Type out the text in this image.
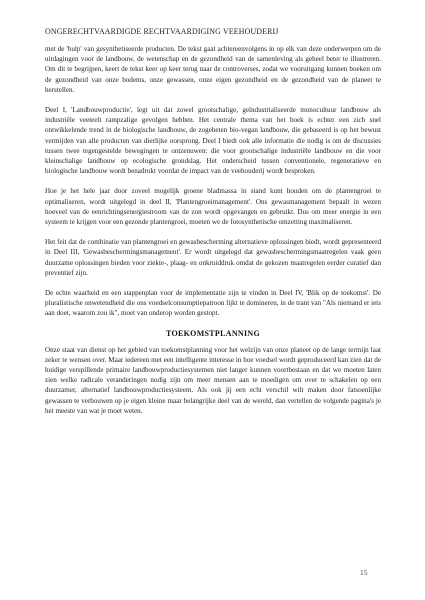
ONGERECHTVAARDIGDE RECHTVAARDIGING VEEHOUDERIJ

met de 'hulp' van gesynthetiseerde producten. De tekst gaat achtereenvolgens in op elk van deze onderwerpen om de uitdagingen voor de landbouw, de wetenschap en de gezondheid van de samenleving als geheel beter te illustreren. Om dit te begrijpen, keert de tekst keer op keer terug naar de controverses, zodat we vooruitgang kunnen boeken om de gezondheid van onze bodems, onze gewassen, onze eigen gezondheid en de gezondheid van de planeet te herstellen.

Deel I, 'Landbouwproductie', legt uit dat zowel grootschalige, geïndustrialiseerde monocultuur landbouw als industriële veeteelt rampzalige gevolgen hebben. Het centrale thema van het boek is echter een zich snel ontwikkelende trend in de biologische landbouw, de zogeheten bio-vegan landbouw, die gebaseerd is op het bewust vermijden van alle producten van dierlijke oorsprong. Deel I biedt ook alle informatie die nodig is om de discussies tussen twee tegengestelde bewegingen te ontzenuwen: die voor grootschalige industriële landbouw en die voor kleinschalige landbouw op ecologische grondslag. Het onderscheid tussen conventionele, regeneratieve en biologische landbouw wordt benadrukt voordat de impact van de veehouderij wordt besproken.

Hoe je het hele jaar door zoveel mogelijk groene bladmassa in stand kunt houden om de plantengroei te optimaliseren, wordt uitgelegd in deel II, 'Plantengroeimanagement'. Ons gewasmanagement bepaalt in wezen hoeveel van de eenrichtingsenergiestroom van de zon wordt opgevangen en gebruikt. Dus om meer energie in een systeem te krijgen voor een gezonde plantengroei, moeten we de fotosynthetische omzetting maximaliseren.

Het feit dat de combinatie van plantengroei en gewasbescherming alternatieve oplossingen biedt, wordt gepresenteerd in Deel III, 'Gewasbeschermingsmanagement'. Er wordt uitgelegd dat gewasbeschermingsmaatregelen vaak geen duurzame oplossingen bieden voor ziekte-, plaag- en onkruiddruk omdat de gekozen maatregelen eerder curatief dan preventief zijn.

De echte waarheid en een stappenplan voor de implementatie zijn te vinden in Deel IV, 'Blik op de toekomst'. De pluralistische onwetendheid die ons voedselconsumptiepatroon lijkt te domineren, in de trant van "Als niemand er iets aan doet, waarom zou ik", moet van onderop worden gestopt.

TOEKOMSTPLANNING

Onze staat van dienst op het gebied van toekomstplanning voor het welzijn van onze planeet op de lange termijn laat zeker te wensen over. Maar iedereen met een intelligente interesse in hoe voedsel wordt geproduceerd kan zien dat de huidige verspillende primaire landbouwproductiesystemen niet langer kunnen voortbestaan en dat we moeten laten zien welke radicale veranderingen nodig zijn om meer mensen aan te moedigen om over te schakelen op een duurzamer, alternatief landbouwproductiesysteem. Als ook jij een echt verschil wilt maken door fatsoenlijke gewassen te verbouwen op je eigen kleine maar belangrijke deel van de wereld, dan vertellen de volgende pagina's je het meeste van wat je moet weten.

15
